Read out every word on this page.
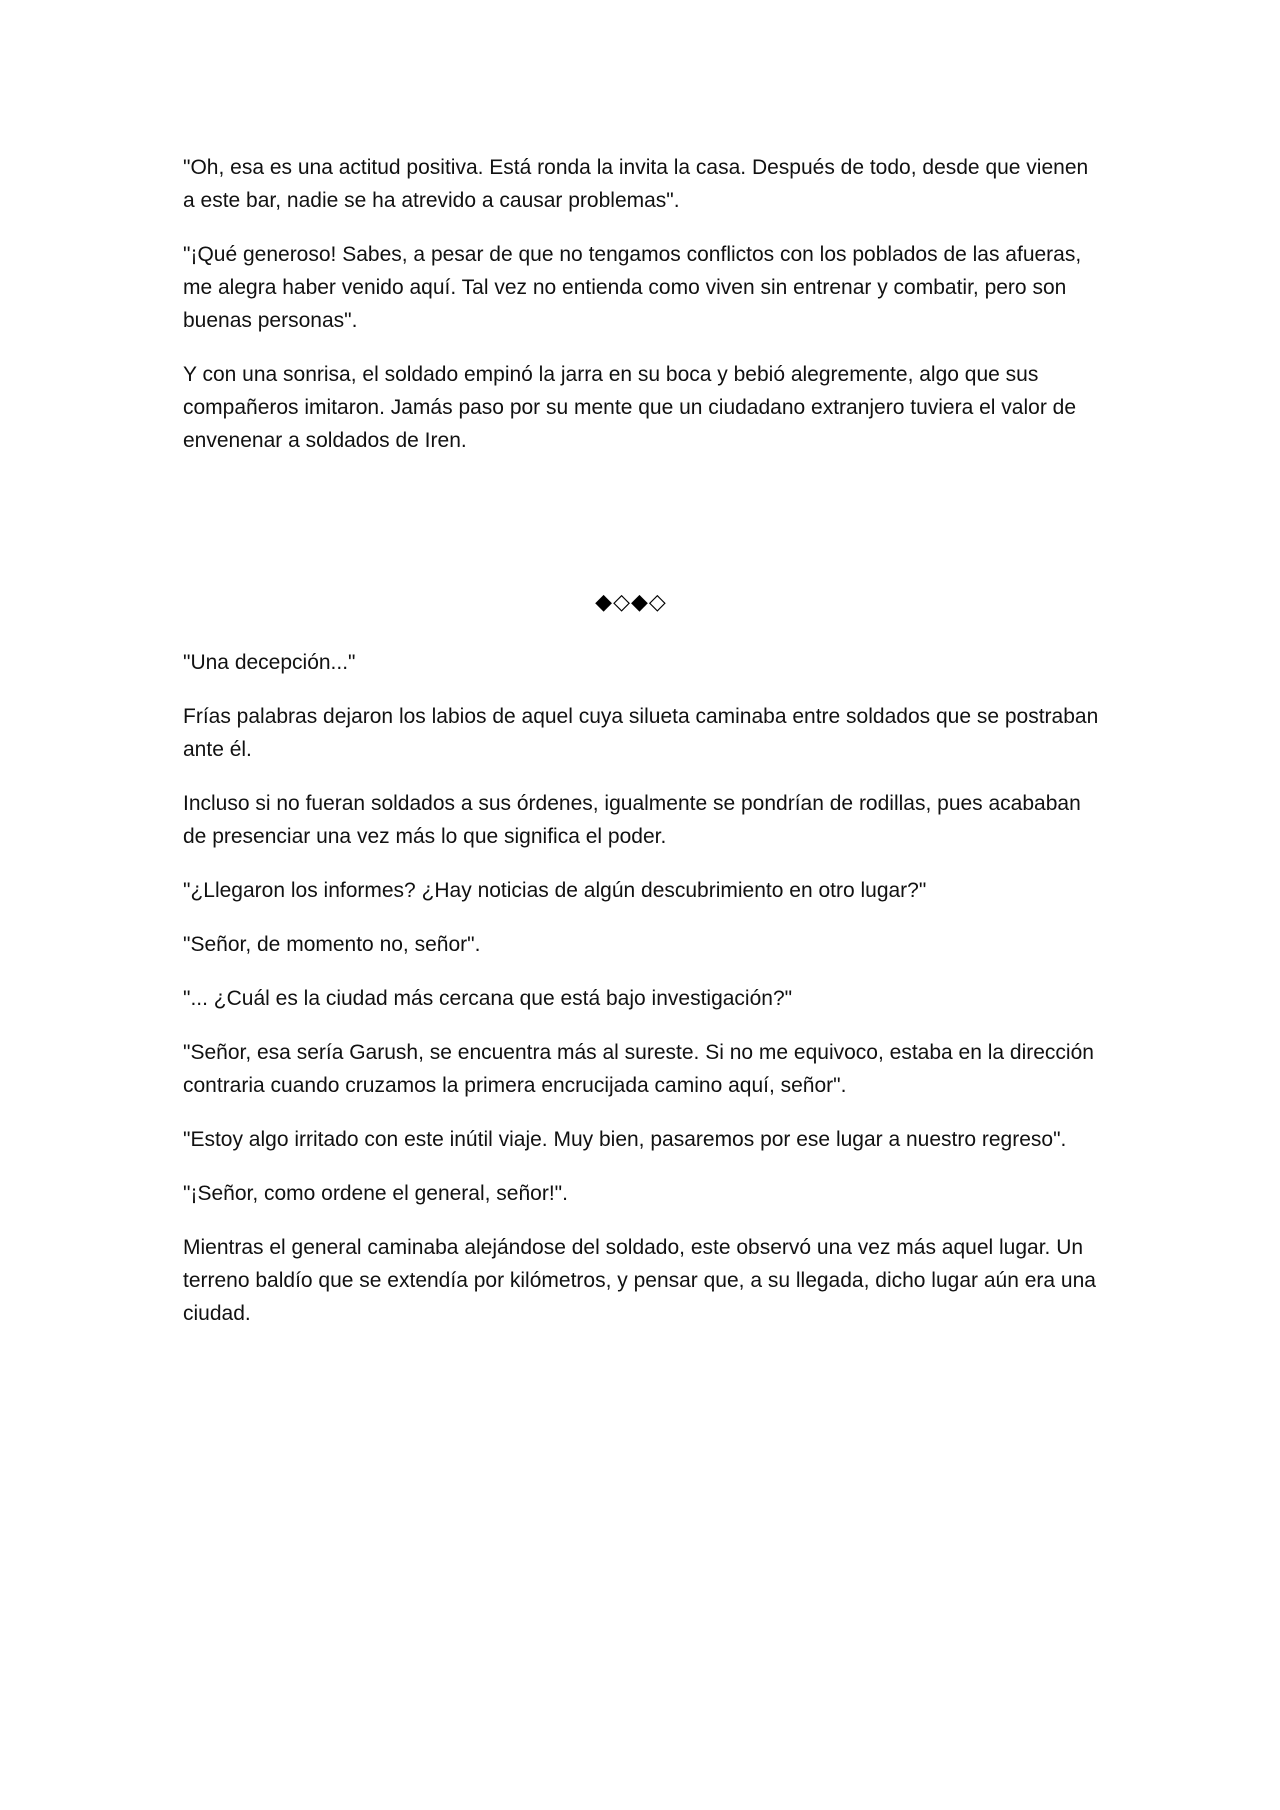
"Oh, esa es una actitud positiva. Está ronda la invita la casa. Después de todo, desde que vienen a este bar, nadie se ha atrevido a causar problemas".

"¡Qué generoso! Sabes, a pesar de que no tengamos conflictos con los poblados de las afueras, me alegra haber venido aquí. Tal vez no entienda como viven sin entrenar y combatir, pero son buenas personas".

Y con una sonrisa, el soldado empinó la jarra en su boca y bebió alegremente, algo que sus compañeros imitaron. Jamás paso por su mente que un ciudadano extranjero tuviera el valor de envenenar a soldados de Iren.

◆◇◆◇

"Una decepción..."

Frías palabras dejaron los labios de aquel cuya silueta caminaba entre soldados que se postraban ante él.

Incluso si no fueran soldados a sus órdenes, igualmente se pondrían de rodillas, pues acababan de presenciar una vez más lo que significa el poder.

"¿Llegaron los informes? ¿Hay noticias de algún descubrimiento en otro lugar?"

"Señor, de momento no, señor".

"... ¿Cuál es la ciudad más cercana que está bajo investigación?"

"Señor, esa sería Garush, se encuentra más al sureste. Si no me equivoco, estaba en la dirección contraria cuando cruzamos la primera encrucijada camino aquí, señor".

"Estoy algo irritado con este inútil viaje. Muy bien, pasaremos por ese lugar a nuestro regreso".

"¡Señor, como ordene el general, señor!".

Mientras el general caminaba alejándose del soldado, este observó una vez más aquel lugar. Un terreno baldío que se extendía por kilómetros, y pensar que, a su llegada, dicho lugar aún era una ciudad.
